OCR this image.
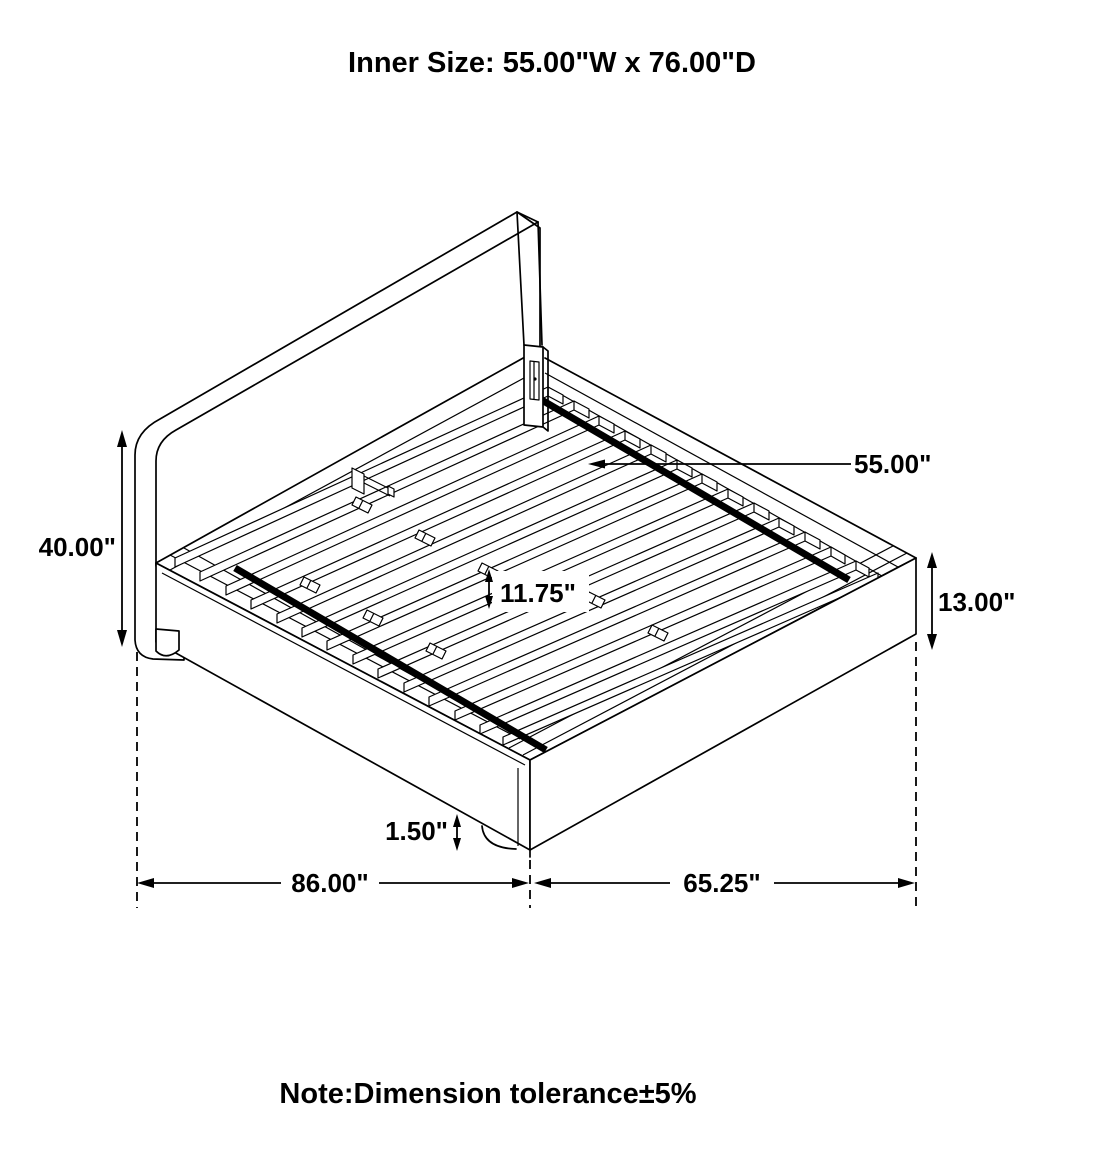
40.00"
55.00"
11.75"	13.00"
1.50"
86.00"	65.25"
Inner Size: 55.00"W x 76.00"D
Note:Dimension tolerance±5%
